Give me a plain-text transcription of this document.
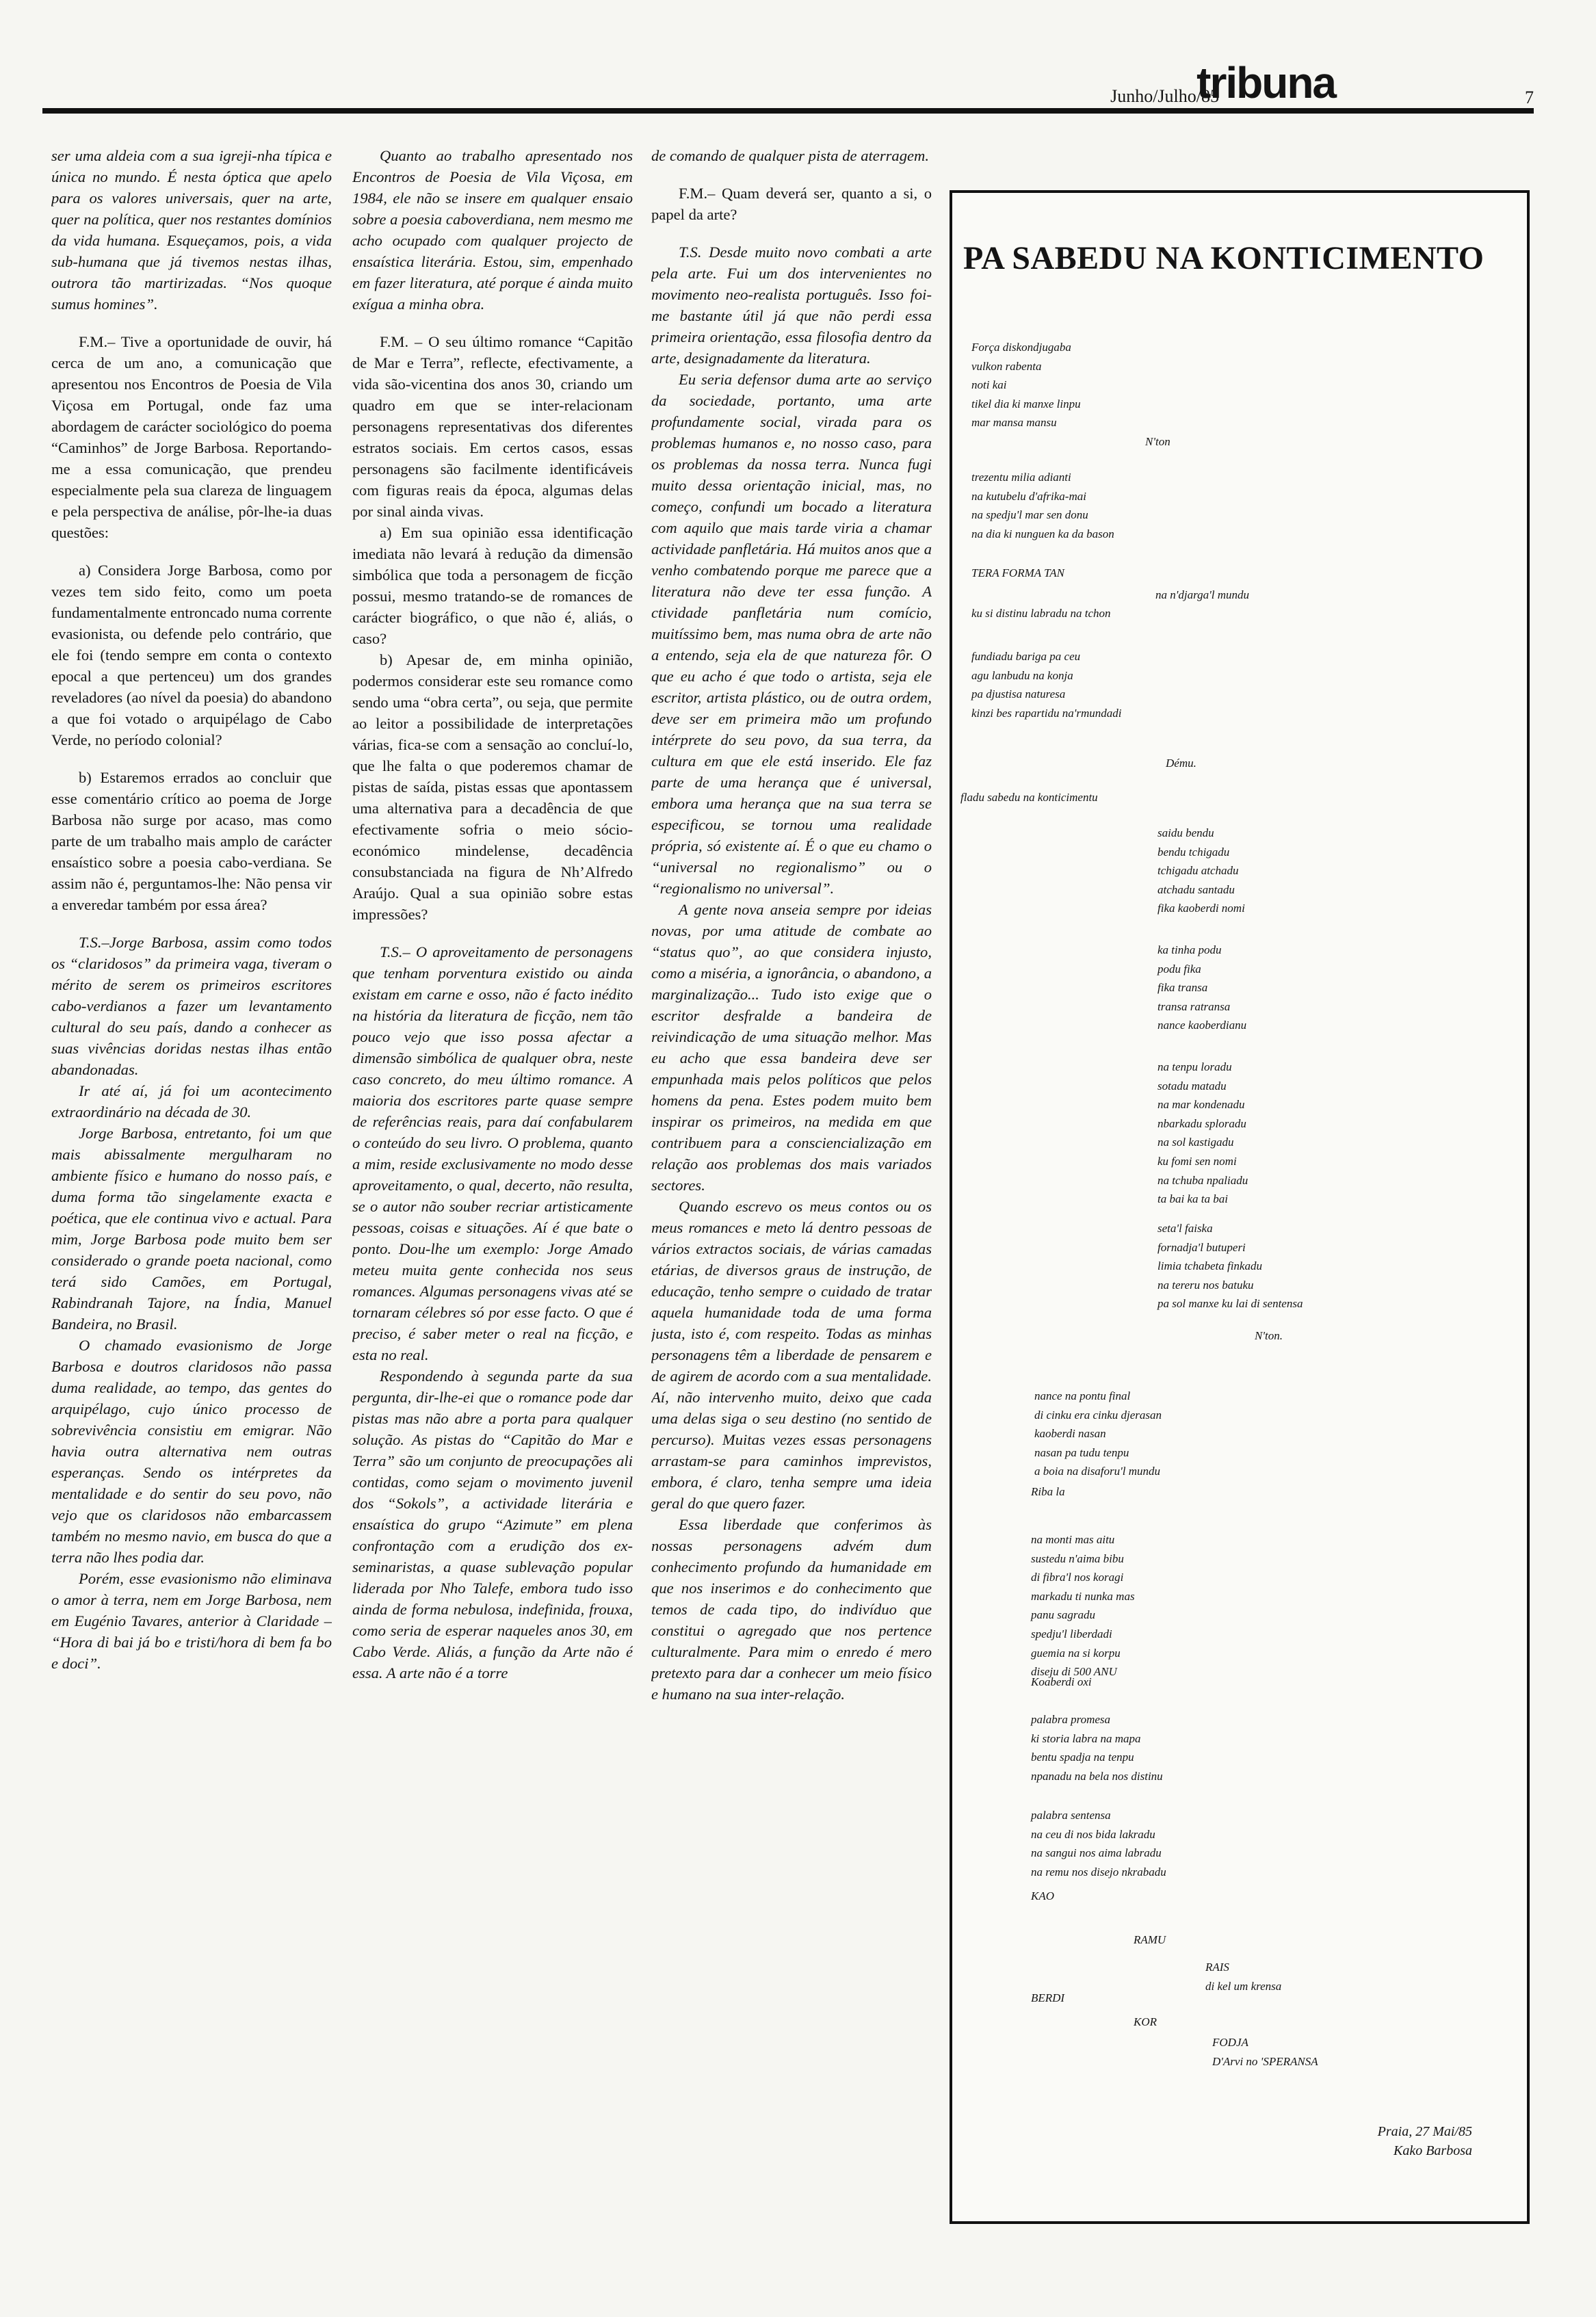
Junho/Julho/85
tribuna	7

ser uma aldeia com a sua igreji-nha típica e única no mundo. É nesta óptica que apelo para os valores universais, quer na arte, quer na política, quer nos restantes domínios da vida humana. Esqueçamos, pois, a vida sub-humana que já tivemos nestas ilhas, outrora tão martirizadas. “Nos quoque sumus homines”.

F.M.– Tive a oportunidade de ouvir, há cerca de um ano, a comunicação que apresentou nos Encontros de Poesia de Vila Viçosa em Portugal, onde faz uma abordagem de carácter sociológico do poema “Caminhos” de Jorge Barbosa. Reportando-me a essa comunicação, que prendeu especialmente pela sua clareza de linguagem e pela perspectiva de análise, pôr-lhe-ia duas questões:

a) Considera Jorge Barbosa, como por vezes tem sido feito, como um poeta fundamentalmente entroncado numa corrente evasionista, ou defende pelo contrário, que ele foi (tendo sempre em conta o contexto epocal a que pertenceu) um dos grandes reveladores (ao nível da poesia) do abandono a que foi votado o arquipélago de Cabo Verde, no período colonial?

b) Estaremos errados ao concluir que esse comentário crítico ao poema de Jorge Barbosa não surge por acaso, mas como parte de um trabalho mais amplo de carácter ensaístico sobre a poesia cabo-verdiana. Se assim não é, perguntamos-lhe: Não pensa vir a enveredar também por essa área?

T.S.–Jorge Barbosa, assim como todos os “claridosos” da primeira vaga, tiveram o mérito de serem os primeiros escritores cabo-verdianos a fazer um levantamento cultural do seu país, dando a conhecer as suas vivências doridas nestas ilhas então abandonadas.

Ir até aí, já foi um acontecimento extraordinário na década de 30.

Jorge Barbosa, entretanto, foi um que mais abissalmente mergulharam no ambiente físico e humano do nosso país, e duma forma tão singelamente exacta e poética, que ele continua vivo e actual. Para mim, Jorge Barbosa pode muito bem ser considerado o grande poeta nacional, como terá sido Camões, em Portugal, Rabindranah Tajore, na Índia, Manuel Bandeira, no Brasil.

O chamado evasionismo de Jorge Barbosa e doutros claridosos não passa duma realidade, ao tempo, das gentes do arquipélago, cujo único processo de sobrevivência consistiu em emigrar. Não havia outra alternativa nem outras esperanças. Sendo os intérpretes da mentalidade e do sentir do seu povo, não vejo que os claridosos não embarcassem também no mesmo navio, em busca do que a terra não lhes podia dar.

Porém, esse evasionismo não eliminava o amor à terra, nem em Jorge Barbosa, nem em Eugénio Tavares, anterior à Claridade – “Hora di bai já bo e tristi/hora di bem fa bo e doci”.

Quanto ao trabalho apresentado nos Encontros de Poesia de Vila Viçosa, em 1984, ele não se insere em qualquer ensaio sobre a poesia caboverdiana, nem mesmo me acho ocupado com qualquer projecto de ensaística literária. Estou, sim, empenhado em fazer literatura, até porque é ainda muito exígua a minha obra.

F.M. – O seu último romance “Capitão de Mar e Terra”, reflecte, efectivamente, a vida são-vicentina dos anos 30, criando um quadro em que se inter-relacionam personagens representativas dos diferentes estratos sociais. Em certos casos, essas personagens são facilmente identificáveis com figuras reais da época, algumas delas por sinal ainda vivas.

a) Em sua opinião essa identificação imediata não levará à redução da dimensão simbólica que toda a personagem de ficção possui, mesmo tratando-se de romances de carácter biográfico, o que não é, aliás, o caso?

b) Apesar de, em minha opinião, podermos considerar este seu romance como sendo uma “obra certa”, ou seja, que permite ao leitor a possibilidade de interpretações várias, fica-se com a sensação ao concluí-lo, que lhe falta o que poderemos chamar de pistas de saída, pistas essas que apontassem uma alternativa para a decadência de que efectivamente sofria o meio sócio-económico mindelense, decadência consubstanciada na figura de Nh’Alfredo Araújo. Qual a sua opinião sobre estas impressões?

T.S.– O aproveitamento de personagens que tenham porventura existido ou ainda existam em carne e osso, não é facto inédito na história da literatura de ficção, nem tão pouco vejo que isso possa afectar a dimensão simbólica de qualquer obra, neste caso concreto, do meu último romance. A maioria dos escritores parte quase sempre de referências reais, para daí confabularem o conteúdo do seu livro. O problema, quanto a mim, reside exclusivamente no modo desse aproveitamento, o qual, decerto, não resulta, se o autor não souber recriar artisticamente pessoas, coisas e situações. Aí é que bate o ponto. Dou-lhe um exemplo: Jorge Amado meteu muita gente conhecida nos seus romances. Algumas personagens vivas até se tornaram célebres só por esse facto. O que é preciso, é saber meter o real na ficção, e esta no real.

Respondendo à segunda parte da sua pergunta, dir-lhe-ei que o romance pode dar pistas mas não abre a porta para qualquer solução. As pistas do “Capitão do Mar e Terra” são um conjunto de preocupações ali contidas, como sejam o movimento juvenil dos “Sokols”, a actividade literária e ensaística do grupo “Azimute” em plena confrontação com a erudição dos ex-seminaristas, a quase sublevação popular liderada por Nho Talefe, embora tudo isso ainda de forma nebulosa, indefinida, frouxa, como seria de esperar naqueles anos 30, em Cabo Verde. Aliás, a função da Arte não é essa. A arte não é a torre

de comando de qualquer pista de aterragem.

F.M.– Quam deverá ser, quanto a si, o papel da arte?

T.S. Desde muito novo combati a arte pela arte. Fui um dos intervenientes no movimento neo-realista português. Isso foi-me bastante útil já que não perdi essa primeira orientação, essa filosofia dentro da arte, designadamente da literatura.

Eu seria defensor duma arte ao serviço da sociedade, portanto, uma arte profundamente social, virada para os problemas humanos e, no nosso caso, para os problemas da nossa terra. Nunca fugi muito dessa orientação inicial, mas, no começo, confundi um bocado a literatura com aquilo que mais tarde viria a chamar actividade panfletária. Há muitos anos que a venho combatendo porque me parece que a literatura não deve ter essa função. A ctividade panfletária num comício, muitíssimo bem, mas numa obra de arte não a entendo, seja ela de que natureza fôr. O que eu acho é que todo o artista, seja ele escritor, artista plástico, ou de outra ordem, deve ser em primeira mão um profundo intérprete do seu povo, da sua terra, da cultura em que ele está inserido. Ele faz parte de uma herança que é universal, embora uma herança que na sua terra se especificou, se tornou uma realidade própria, só existente aí. É o que eu chamo o “universal no regionalismo” ou o “regionalismo no universal”.

A gente nova anseia sempre por ideias novas, por uma atitude de combate ao “status quo”, ao que considera injusto, como a miséria, a ignorância, o abandono, a marginalização... Tudo isto exige que o escritor desfralde a bandeira de reivindicação de uma situação melhor. Mas eu acho que essa bandeira deve ser empunhada mais pelos políticos que pelos homens da pena. Estes podem muito bem inspirar os primeiros, na medida em que contribuem para a consciencialização em relação aos problemas dos mais variados sectores.

Quando escrevo os meus contos ou os meus romances e meto lá dentro pessoas de vários extractos sociais, de várias camadas etárias, de diversos graus de instrução, de educação, tenho sempre o cuidado de tratar aquela humanidade toda de uma forma justa, isto é, com respeito. Todas as minhas personagens têm a liberdade de pensarem e de agirem de acordo com a sua mentalidade. Aí, não intervenho muito, deixo que cada uma delas siga o seu destino (no sentido de percurso). Muitas vezes essas personagens arrastam-se para caminhos imprevistos, embora, é claro, tenha sempre uma ideia geral do que quero fazer.

Essa liberdade que conferimos às nossas personagens advém dum conhecimento profundo da humanidade em que nos inserimos e do conhecimento que temos de cada tipo, do indivíduo que constitui o agregado que nos pertence culturalmente. Para mim o enredo é mero pretexto para dar a conhecer um meio físico e humano na sua inter-relação.

PA SABEDU NA KONTICIMENTO
Força diskondjugaba
vulkon rabenta
noti kai
tikel dia ki manxe linpu
mar mansa mansu
N'ton
trezentu milia adianti
na kutubelu d'afrika-mai
na spedju'l mar sen donu
na dia ki nunguen ka da bason
TERA FORMA TAN
na n'djarga'l mundu
ku si distinu labradu na tchon
fundiadu bariga pa ceu
agu lanbudu na konja
pa djustisa naturesa
kinzi bes rapartidu na'rmundadi
Dému.
fladu sabedu na konticimentu
saidu bendu
bendu tchigadu
tchigadu atchadu
atchadu santadu
fika kaoberdi nomi
ka tinha podu
podu fika
fika transa
transa ratransa
nance kaoberdianu
na tenpu loradu
sotadu matadu
na mar kondenadu
nbarkadu sploradu
na sol kastigadu
ku fomi sen nomi
na tchuba npaliadu
ta bai ka ta bai
seta'l faiska
fornadja'l butuperi
limia tchabeta finkadu
na tereru nos batuku
pa sol manxe ku lai di sentensa
N'ton.
nance na pontu final
di cinku era cinku djerasan
kaoberdi nasan
nasan pa tudu tenpu
a boia na disaforu'l mundu
Riba la
na monti mas aitu
sustedu n'aima bibu
di fibra'l nos koragi
markadu ti nunka mas
panu sagradu
spedju'l liberdadi
guemia na si korpu
diseju di 500 ANU
Koaberdi oxi
palabra promesa
ki storia labra na mapa
bentu spadja na tenpu
npanadu na bela nos distinu
palabra sentensa
na ceu di nos bida lakradu
na sangui nos aima labradu
na remu nos disejo nkrabadu
KAO
RAMU
RAIS
di kel um krensa
BERDI
KOR
FODJA
D'Arvi no 'SPERANSA
Praia, 27 Mai/85
Kako Barbosa
